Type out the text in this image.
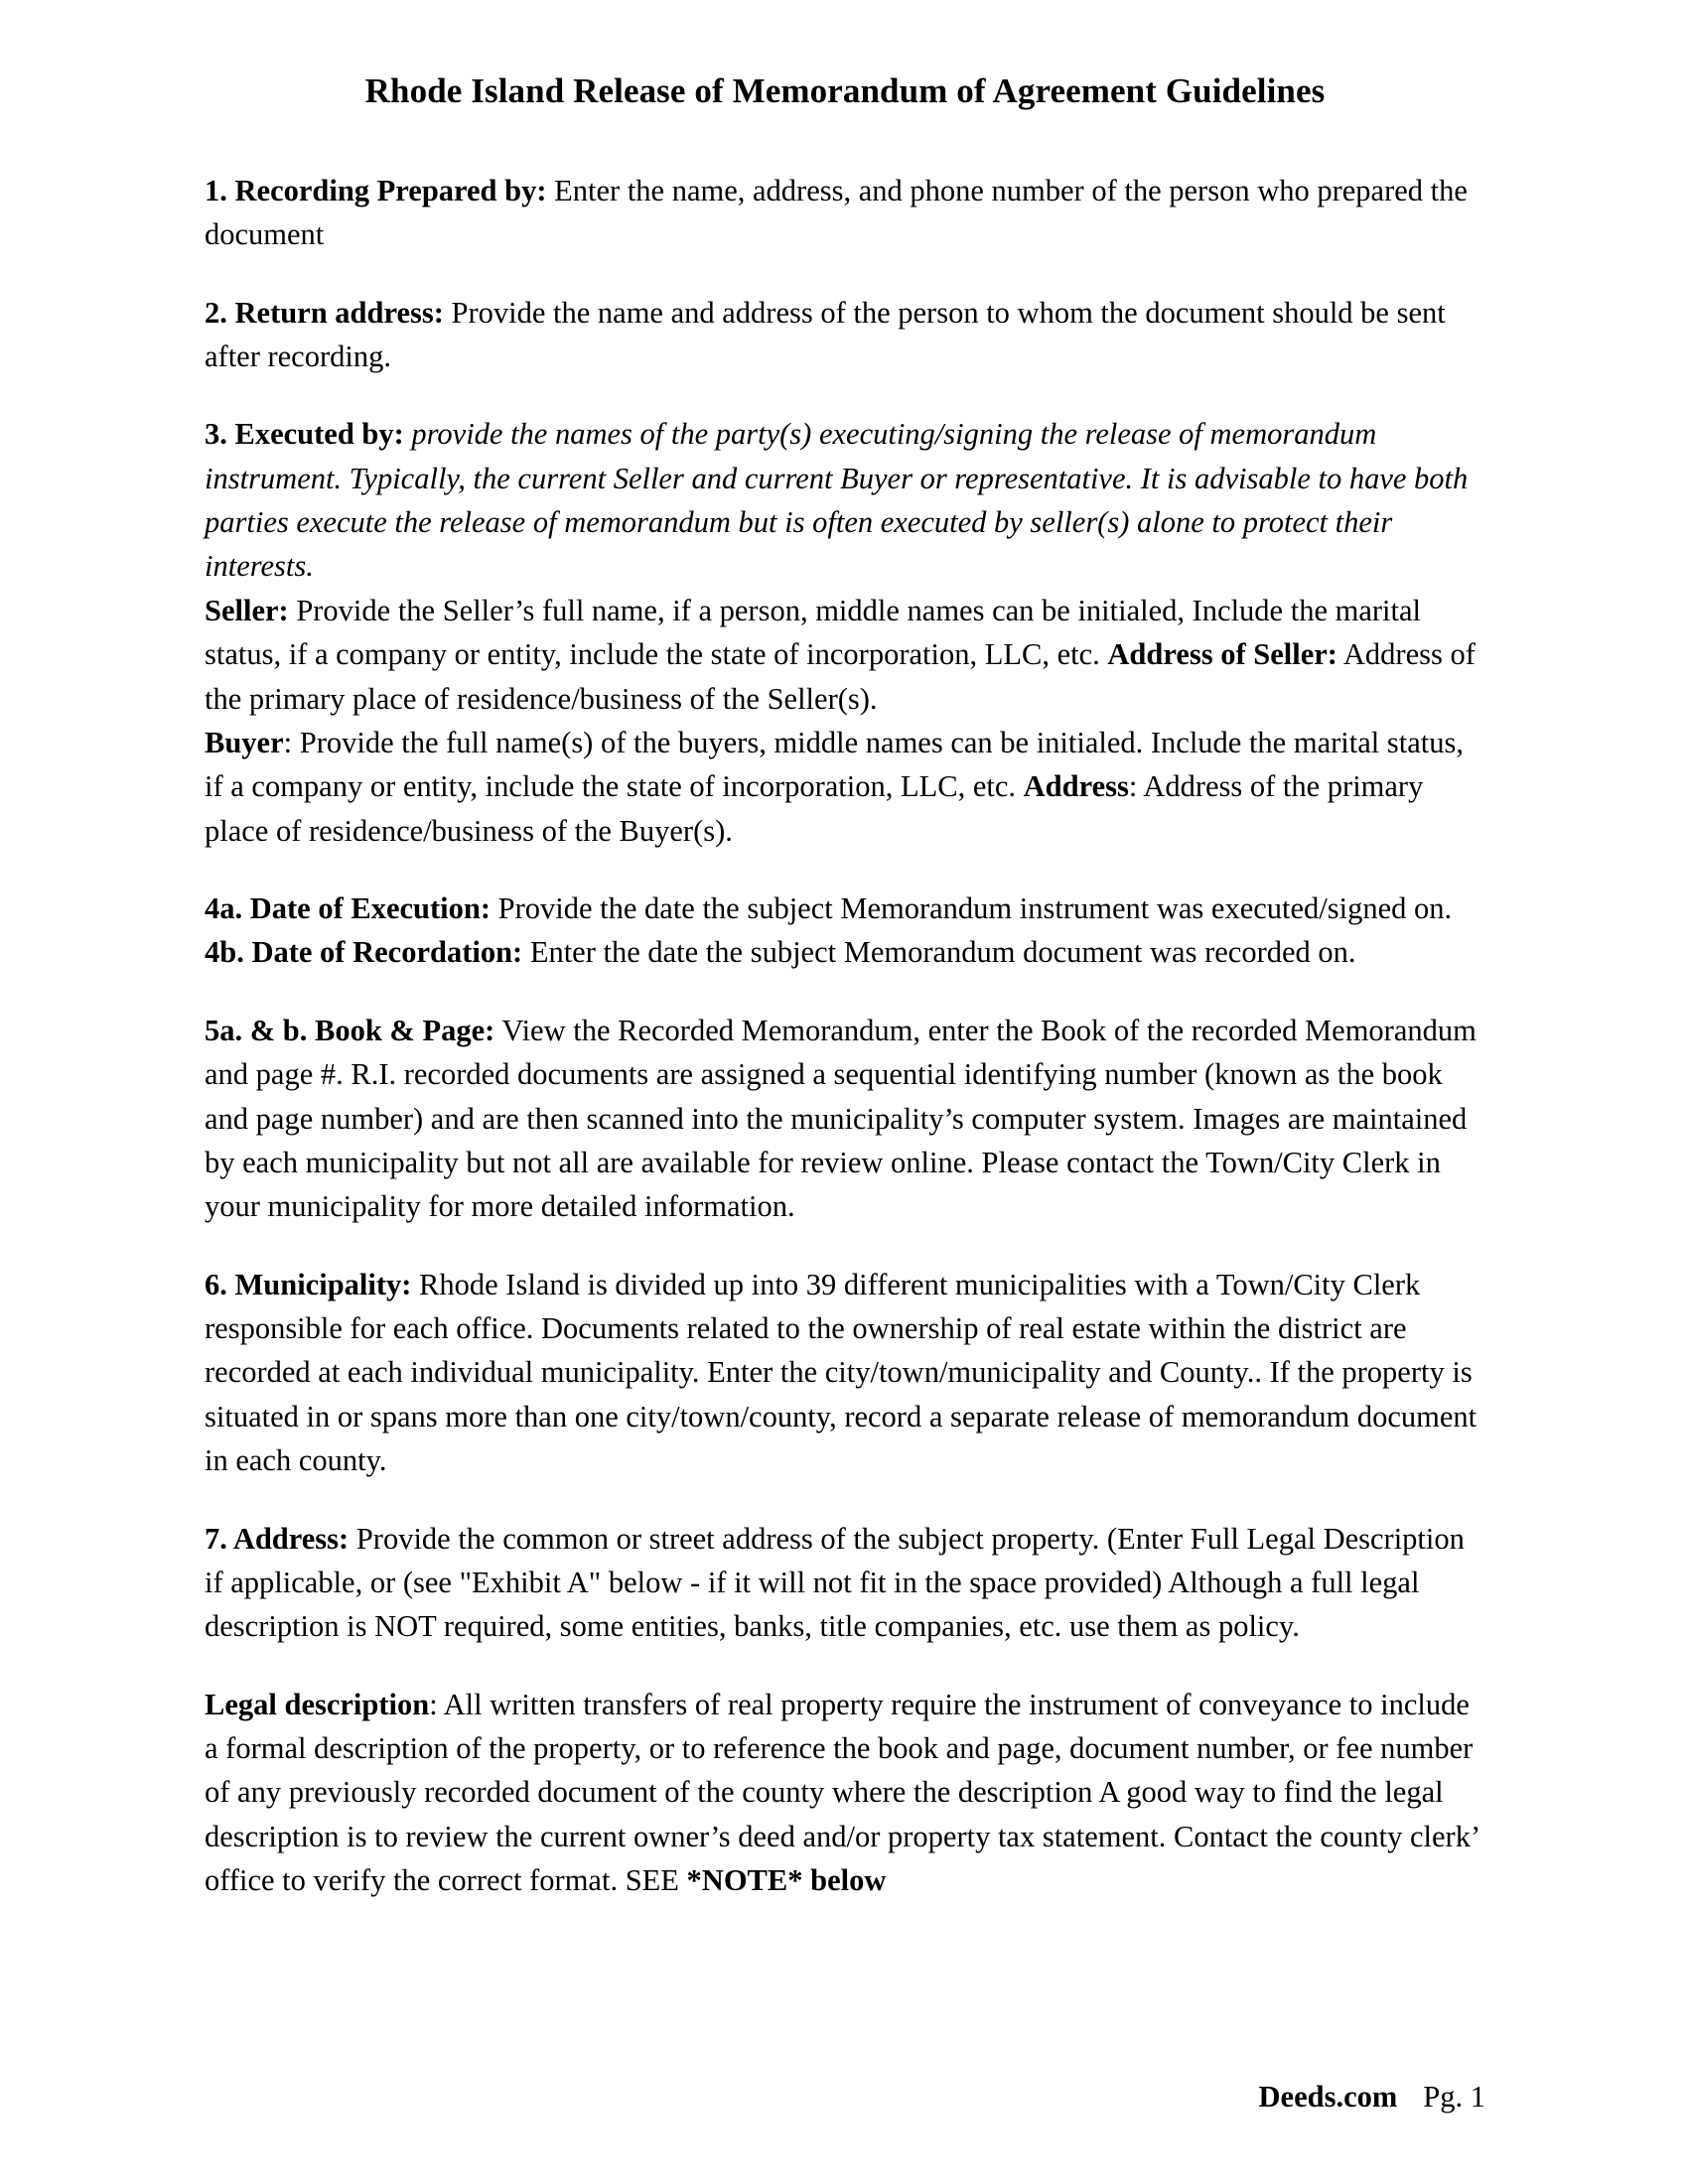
Rhode Island Release of Memorandum of Agreement Guidelines

1. Recording Prepared by: Enter the name, address, and phone number of the person who prepared the document

2. Return address: Provide the name and address of the person to whom the document should be sent after recording.

3. Executed by: provide the names of the party(s) executing/signing the release of memorandum instrument. Typically, the current Seller and current Buyer or representative. It is advisable to have both parties execute the release of memorandum but is often executed by seller(s) alone to protect their interests.

Seller: Provide the Seller’s full name, if a person, middle names can be initialed, Include the marital status, if a company or entity, include the state of incorporation, LLC, etc. Address of Seller: Address of the primary place of residence/business of the Seller(s).

Buyer: Provide the full name(s) of the buyers, middle names can be initialed. Include the marital status, if a company or entity, include the state of incorporation, LLC, etc. Address: Address of the primary place of residence/business of the Buyer(s).

4a. Date of Execution: Provide the date the subject Memorandum instrument was executed/signed on.

4b. Date of Recordation: Enter the date the subject Memorandum document was recorded on.

5a. & b. Book & Page: View the Recorded Memorandum, enter the Book of the recorded Memorandum and page #. R.I. recorded documents are assigned a sequential identifying number (known as the book and page number) and are then scanned into the municipality’s computer system. Images are maintained by each municipality but not all are available for review online. Please contact the Town/City Clerk in your municipality for more detailed information.

6. Municipality: Rhode Island is divided up into 39 different municipalities with a Town/City Clerk responsible for each office. Documents related to the ownership of real estate within the district are recorded at each individual municipality. Enter the city/town/municipality and County.. If the property is situated in or spans more than one city/town/county, record a separate release of memorandum document in each county.

7. Address: Provide the common or street address of the subject property. (Enter Full Legal Description if applicable, or (see "Exhibit A" below - if it will not fit in the space provided) Although a full legal description is NOT required, some entities, banks, title companies, etc. use them as policy.

Legal description: All written transfers of real property require the instrument of conveyance to include a formal description of the property, or to reference the book and page, document number, or fee number of any previously recorded document of the county where the description A good way to find the legal description is to review the current owner’s deed and/or property tax statement. Contact the county clerk’ office to verify the correct format. SEE *NOTE* below

Deeds.com Pg. 1
